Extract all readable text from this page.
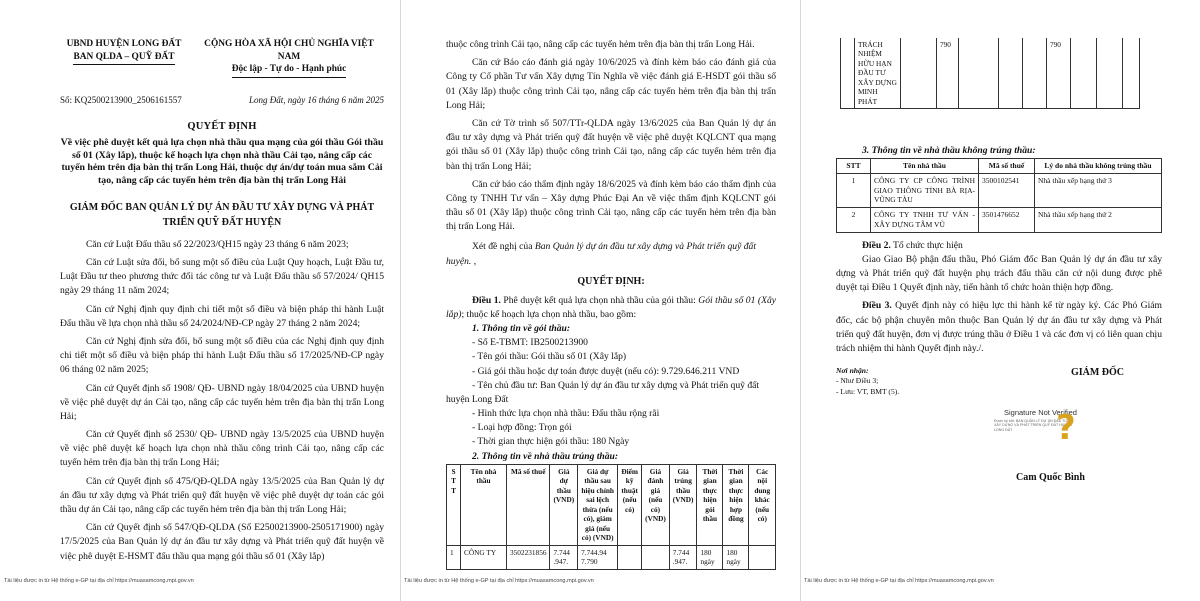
UBND HUYỆN LONG ĐẤT
BAN QLDA – QUỸ ĐẤT
CỘNG HÒA XÃ HỘI CHỦ NGHĨA VIỆT NAM
Độc lập - Tự do - Hạnh phúc
Số: KQ2500213900_2506161557	Long Đất, ngày 16 tháng 6 năm 2025
QUYẾT ĐỊNH
Về việc phê duyệt kết quả lựa chọn nhà thầu qua mạng của gói thầu Gói thầu số 01 (Xây lắp), thuộc kế hoạch lựa chọn nhà thầu Cải tạo, nâng cấp các tuyến hẻm trên địa bàn thị trấn Long Hải, thuộc dự án/dự toán mua sắm Cải tạo, nâng cấp các tuyến hẻm trên địa bàn thị trấn Long Hải
GIÁM ĐỐC BAN QUẢN LÝ DỰ ÁN ĐẦU TƯ XÂY DỰNG VÀ PHÁT TRIỂN QUỸ ĐẤT HUYỆN
Căn cứ Luật Đấu thầu số 22/2023/QH15 ngày 23 tháng 6 năm 2023;
Căn cứ Luật sửa đổi, bổ sung một số điều của Luật Quy hoạch, Luật Đầu tư, Luật Đầu tư theo phương thức đối tác công tư và Luật Đấu thầu số 57/2024/ QH15 ngày 29 tháng 11 năm 2024;
Căn cứ Nghị định quy định chi tiết một số điều và biện pháp thi hành Luật Đấu thầu về lựa chọn nhà thầu số 24/2024/NĐ-CP ngày 27 tháng 2 năm 2024;
Căn cứ Nghị định sửa đổi, bổ sung một số điều của các Nghị định quy định chi tiết một số điều và biện pháp thi hành Luật Đấu thầu số 17/2025/NĐ-CP ngày 06 tháng 02 năm 2025;
Căn cứ Quyết định số 1908/ QĐ- UBND ngày 18/04/2025 của UBND huyện về việc phê duyệt dự án Cải tạo, nâng cấp các tuyến hẻm trên địa bàn thị trấn Long Hải;
Căn cứ Quyết định số 2530/ QĐ- UBND ngày 13/5/2025 của UBND huyện về việc phê duyệt kế hoạch lựa chọn nhà thầu công trình Cải tạo, nâng cấp các tuyến hẻm trên địa bàn thị trấn Long Hải;
Căn cứ Quyết định số 475/QĐ-QLDA ngày 13/5/2025 của Ban Quản lý dự án đầu tư xây dựng và Phát triển quỹ đất huyện về việc phê duyệt dự toán các gói thầu dự án Cải tạo, nâng cấp các tuyến hẻm trên địa bàn thị trấn Long Hải;
Căn cứ Quyết định số 547/QĐ-QLDA (Số E2500213900-2505171900) ngày 17/5/2025 của Ban Quản lý dự án đầu tư xây dựng và Phát triển quỹ đất huyện về việc phê duyệt E-HSMT đấu thầu qua mạng gói thầu số 01 (Xây lắp)
Tài liệu được in từ Hệ thống e-GP tại địa chỉ https://muasamcong.mpi.gov.vn
thuộc công trình Cải tạo, nâng cấp các tuyến hẻm trên địa bàn thị trấn Long Hải.
Căn cứ Báo cáo đánh giá ngày 10/6/2025 và đính kèm báo cáo đánh giá của Công ty Cổ phần Tư vấn Xây dựng Tín Nghĩa về việc đánh giá E-HSDT gói thầu số 01 (Xây lắp) thuộc công trình Cải tạo, nâng cấp các tuyến hẻm trên địa bàn thị trấn Long Hải;
Căn cứ Tờ trình số 507/TTr-QLDA ngày 13/6/2025 của Ban Quản lý dự án đầu tư xây dựng và Phát triển quỹ đất huyện về việc phê duyệt KQLCNT qua mạng gói thầu số 01 (Xây lắp) thuộc công trình Cải tạo, nâng cấp các tuyến hẻm trên địa bàn thị trấn Long Hải;
Căn cứ báo cáo thẩm định ngày 18/6/2025 và đính kèm báo cáo thẩm định của Công ty TNHH Tư vấn – Xây dựng Phúc Đại An về việc thẩm định KQLCNT gói thầu số 01 (Xây lắp) thuộc công trình Cải tạo, nâng cấp các tuyến hẻm trên địa bàn thị trấn Long Hải.
Xét đề nghị của Ban Quản lý dự án đầu tư xây dựng và Phát triển quỹ đất huyện. ,
QUYẾT ĐỊNH:
Điều 1. Phê duyệt kết quả lựa chọn nhà thầu của gói thầu: Gói thầu số 01 (Xây lắp); thuộc kế hoạch lựa chọn nhà thầu, bao gồm:
1. Thông tin về gói thầu:
- Số E-TBMT: IB2500213900
- Tên gói thầu: Gói thầu số 01 (Xây lắp)
- Giá gói thầu hoặc dự toán được duyệt (nếu có): 9.729.646.211 VND
- Tên chủ đầu tư: Ban Quản lý dự án đầu tư xây dựng và Phát triển quỹ đất huyện Long Đất
- Hình thức lựa chọn nhà thầu: Đấu thầu rộng rãi
- Loại hợp đồng: Trọn gói
- Thời gian thực hiện gói thầu: 180 Ngày
2. Thông tin về nhà thầu trúng thầu:
S T T	Tên nhà thầu	Mã số thuế	Giá dự thầu (VND)	Giá dự thầu sau hiệu chỉnh sai lệch thừa (nếu có), giảm giá (nếu có) (VND)	Điểm kỹ thuật (nếu có)	Giá đánh giá (nếu có) (VND)	Giá trúng thầu (VND)	Thời gian thực hiện gói thầu	Thời gian thực hiện hợp đồng	Các nội dung khác (nếu có)
1	CÔNG TY	3502231856	7.744 .947.	7.744.94 7.790			7.744 .947.	180 ngày	180 ngày	
Tài liệu được in từ Hệ thống e-GP tại địa chỉ https://muasamcong.mpi.gov.vn
	TRÁCH NHIỆM HỮU HẠN ĐẦU TƯ XÂY DỰNG MINH PHÁT		790				790			
3. Thông tin về nhà thầu không trúng thầu:
STT	Tên nhà thầu	Mã số thuế	Lý do nhà thầu không trúng thầu
1	CÔNG TY CP CÔNG TRÌNH GIAO THÔNG TỈNH BÀ RỊA-VŨNG TÀU	3500102541	Nhà thầu xếp hạng thứ 3
2	CÔNG TY TNHH TƯ VẤN - XÂY DỰNG TÂM VŨ	3501476652	Nhà thầu xếp hạng thứ 2
Điều 2. Tổ chức thực hiện
Giao Giao Bộ phận đấu thầu, Phó Giám đốc Ban Quản lý dự án đầu tư xây dựng và Phát triển quỹ đất huyện phụ trách đấu thầu căn cứ nội dung được phê duyệt tại Điều 1 Quyết định này, tiến hành tổ chức hoàn thiện hợp đồng.
Điều 3. Quyết định này có hiệu lực thi hành kể từ ngày ký. Các Phó Giám đốc, các bộ phận chuyên môn thuộc Ban Quản lý dự án đầu tư xây dựng và Phát triển quỹ đất huyện, đơn vị được trúng thầu ở Điều 1 và các đơn vị có liên quan chịu trách nhiệm thi hành Quyết định này./.
Nơi nhận:
- Như Điều 3;
- Lưu: VT, BMT (5).
GIÁM ĐỐC
Signature Not Verified
Được ký bởi: BAN QUẢN LÝ DỰ ÁN ĐẦU TƯ XÂY DỰNG VÀ PHÁT TRIỂN QUỸ ĐẤT HUYỆN LONG ĐẤT	?
Cam Quốc Bình
Tài liệu được in từ Hệ thống e-GP tại địa chỉ https://muasamcong.mpi.gov.vn
